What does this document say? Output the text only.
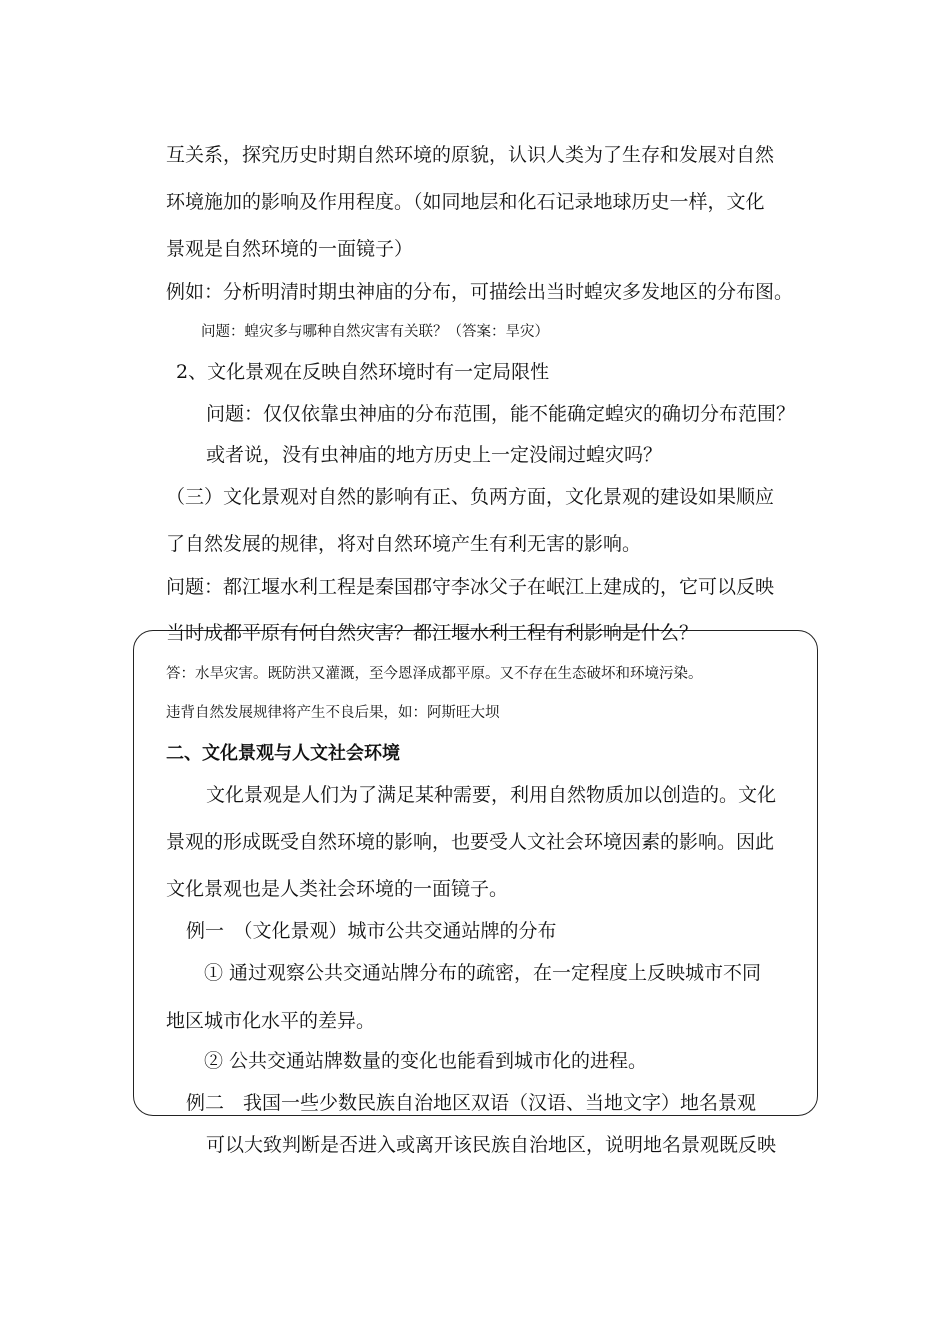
互关系，探究历史时期自然环境的原貌，认识人类为了生存和发展对自然
环境施加的影响及作用程度。（如同地层和化石记录地球历史一样，文化
景观是自然环境的一面镜子）
例如：分析明清时期虫神庙的分布，可描绘出当时蝗灾多发地区的分布图。
问题：蝗灾多与哪种自然灾害有关联？（答案：旱灾）
2、文化景观在反映自然环境时有一定局限性
问题：仅仅依靠虫神庙的分布范围，能不能确定蝗灾的确切分布范围？
或者说，没有虫神庙的地方历史上一定没闹过蝗灾吗？
（三）文化景观对自然的影响有正、负两方面，文化景观的建设如果顺应
了自然发展的规律，将对自然环境产生有利无害的影响。
问题：都江堰水利工程是秦国郡守李冰父子在岷江上建成的，它可以反映
当时成都平原有何自然灾害？都江堰水利工程有利影响是什么？
答：水旱灾害。既防洪又灌溉，至今恩泽成都平原。又不存在生态破坏和环境污染。
违背自然发展规律将产生不良后果，如：阿斯旺大坝
二、文化景观与人文社会环境
文化景观是人们为了满足某种需要，利用自然物质加以创造的。文化
景观的形成既受自然环境的影响，也要受人文社会环境因素的影响。因此
文化景观也是人类社会环境的一面镜子。
例一　（文化景观）城市公共交通站牌的分布
① 通过观察公共交通站牌分布的疏密，在一定程度上反映城市不同
地区城市化水平的差异。
② 公共交通站牌数量的变化也能看到城市化的进程。
例二　我国一些少数民族自治地区双语（汉语、当地文字）地名景观
可以大致判断是否进入或离开该民族自治地区，说明地名景观既反映
